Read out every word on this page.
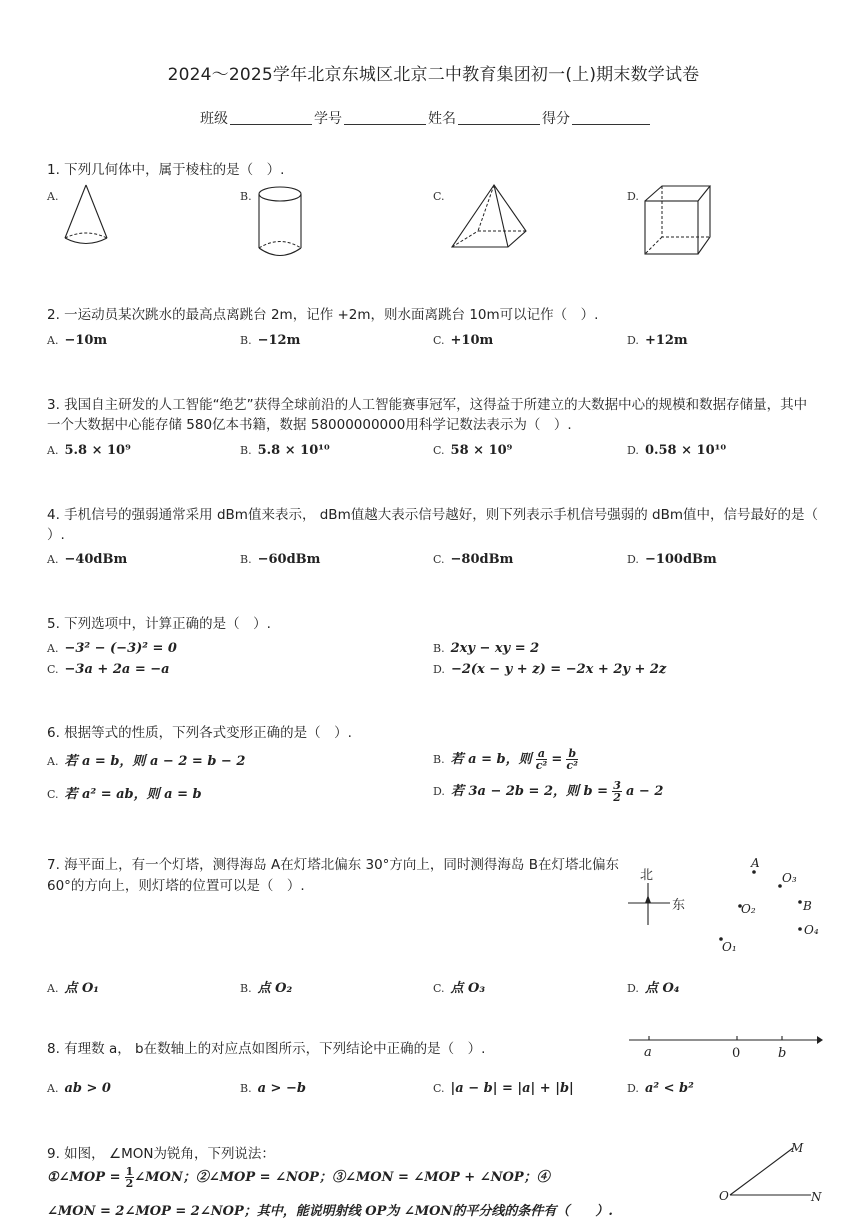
2024～2025学年北京东城区北京二中教育集团初一(上)期末数学试卷
班级	学号	姓名	得分
1. 下列几何体中，属于棱柱的是（　）.
A.	B.	C.	D.
2. 一运动员某次跳水的最高点离跳台 2m，记作 +2m，则水面离跳台 10m可以记作（　）.
A. −10m	B. −12m	C. +10m	D. +12m
3. 我国自主研发的人工智能“绝艺”获得全球前沿的人工智能赛事冠军，这得益于所建立的大数据中心的规模和数据存储量，其中
一个大数据中心能存储 580亿本书籍，数据 58000000000用科学记数法表示为（　）.
A. 5.8 × 10⁹	B. 5.8 × 10¹⁰	C. 58 × 10⁹	D. 0.58 × 10¹⁰
4. 手机信号的强弱通常采用 dBm值来表示， dBm值越大表示信号越好，则下列表示手机信号强弱的 dBm值中，信号最好的是（
）.
A. −40dBm	B. −60dBm	C. −80dBm	D. −100dBm
5. 下列选项中，计算正确的是（　）.
A. −3² − (−3)² = 0	B. 2xy − xy = 2
C. −3a + 2a = −a	D. −2(x − y + z) = −2x + 2y + 2z
6. 根据等式的性质，下列各式变形正确的是（　）.
A. 若 a = b，则 a − 2 = b − 2	B. 若 a = b，则 $\frac{a}{\text{c²}} = \frac{b}{\text{c²}}$
C. 若 a² = ab，则 a = b	D. 若 3a − 2b = 2，则 $b = \frac{3}{2}$ a − 2
7. 海平面上，有一个灯塔，测得海岛 A在灯塔北偏东 30°方向上，同时测得海岛 B在灯塔北偏东
60°的方向上，则灯塔的位置可以是（　）.
北
东
A
O₃
B
O₂
O₄
O₁
A. 点 O₁	B. 点 O₂	C. 点 O₃	D. 点 O₄
8. 有理数 a， b在数轴上的对应点如图所示，下列结论中正确的是（　）.	a	0	b
A. ab > 0	B. a > −b	C. |a − b| = |a| + |b|	D. a² < b²
9. 如图， ∠MON为锐角，下列说法：
①∠MOP = $\frac{1}{2}$ ∠MON；②∠MOP = ∠NOP；③∠MON = ∠MOP + ∠NOP；④
∠MON = 2∠MOP = 2∠NOP；其中，能说明射线 OP为 ∠MON的平分线的条件有（　　）.
M
O	N
